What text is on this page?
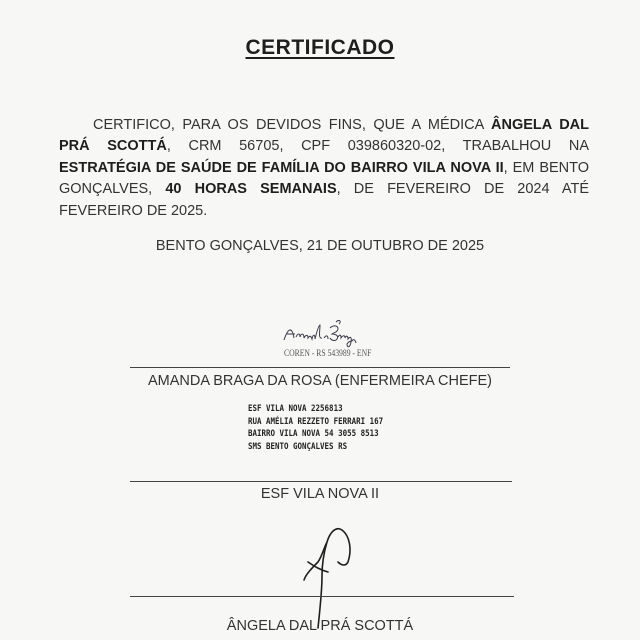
CERTIFICADO

CERTIFICO, PARA OS DEVIDOS FINS, QUE A MÉDICA ÂNGELA DAL PRÁ SCOTTÁ, CRM 56705, CPF 039860320-02, TRABALHOU NA ESTRATÉGIA DE SAÚDE DE FAMÍLIA DO BAIRRO VILA NOVA II, EM BENTO GONÇALVES, 40 HORAS SEMANAIS, DE FEVEREIRO DE 2024 ATÉ FEVEREIRO DE 2025.

BENTO GONÇALVES, 21 DE OUTUBRO DE 2025
COREN - RS 543989 - ENF
AMANDA BRAGA DA ROSA (ENFERMEIRA CHEFE)
ESF VILA NOVA 2256813
RUA AMÉLIA REZZETO FERRARI 167
BAIRRO VILA NOVA 54 3055 8513
SMS BENTO GONÇALVES RS
ESF VILA NOVA II
ÂNGELA DAL PRÁ SCOTTÁ
